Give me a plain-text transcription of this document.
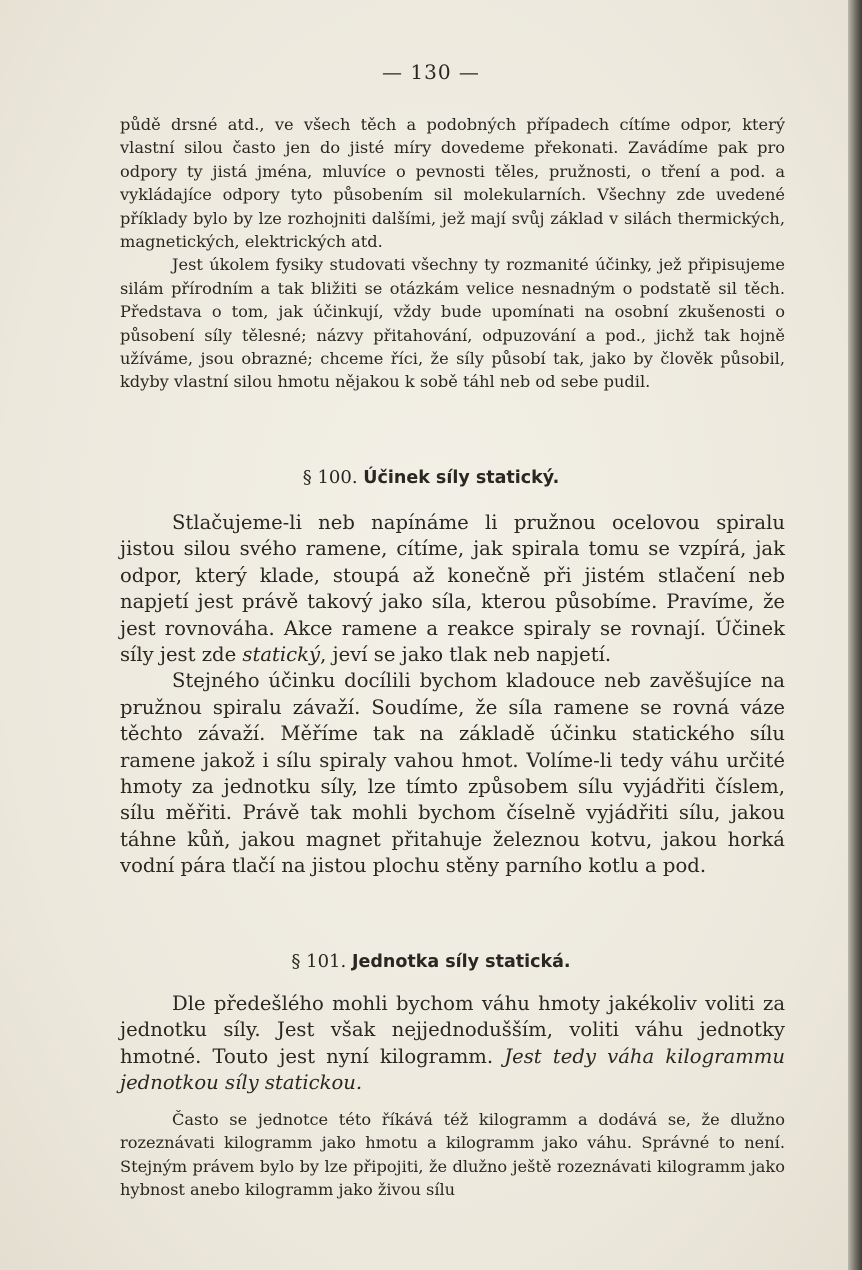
— 130 —

půdě drsné atd., ve všech těch a podobných případech cítíme odpor, který vlastní silou často jen do jisté míry dovedeme překonati. Zavádíme pak pro odpory ty jistá jména, mluvíce o pevnosti těles, pružnosti, o tření a pod. a vykládajíce odpory tyto působením sil molekularních. Všechny zde uvedené příklady bylo by lze rozhojniti dalšími, jež mají svůj základ v silách thermických, magnetických, elektrických atd.

Jest úkolem fysiky studovati všechny ty rozmanité účinky, jež připisujeme silám přírodním a tak bližiti se otázkám velice nesnadným o podstatě sil těch. Představa o tom, jak účinkují, vždy bude upomínati na osobní zkušenosti o působení síly tělesné; názvy přitahování, odpuzování a pod., jichž tak hojně užíváme, jsou obrazné; chceme říci, že síly působí tak, jako by člověk působil, kdyby vlastní silou hmotu nějakou k sobě táhl neb od sebe pudil.

§ 100. Účinek síly statický.

Stlačujeme-li neb napínáme li pružnou ocelovou spiralu jistou silou svého ramene, cítíme, jak spirala tomu se vzpírá, jak odpor, který klade, stoupá až konečně při jistém stlačení neb napjetí jest právě takový jako síla, kterou působíme. Pravíme, že jest rovnováha. Akce ramene a reakce spiraly se rovnají. Účinek síly jest zde statický, jeví se jako tlak neb napjetí.

Stejného účinku docílili bychom kladouce neb zavěšujíce na pružnou spiralu závaží. Soudíme, že síla ramene se rovná váze těchto závaží. Měříme tak na základě účinku statického sílu ramene jakož i sílu spiraly vahou hmot. Volíme-li tedy váhu určité hmoty za jednotku síly, lze tímto způsobem sílu vyjádřiti číslem, sílu měřiti. Právě tak mohli bychom číselně vyjádřiti sílu, jakou táhne kůň, jakou magnet přitahuje železnou kotvu, jakou horká vodní pára tlačí na jistou plochu stěny parního kotlu a pod.

§ 101. Jednotka síly statická.

Dle předešlého mohli bychom váhu hmoty jakékoliv voliti za jednotku síly. Jest však nejjednodušším, voliti váhu jednotky hmotné. Touto jest nyní kilogramm. Jest tedy váha kilogrammu jednotkou síly statickou.

Často se jednotce této říkává též kilogramm a dodává se, že dlužno rozeznávati kilogramm jako hmotu a kilogramm jako váhu. Správné to není. Stejným právem bylo by lze připojiti, že dlužno ještě rozeznávati kilogramm jako hybnost anebo kilogramm jako živou sílu
